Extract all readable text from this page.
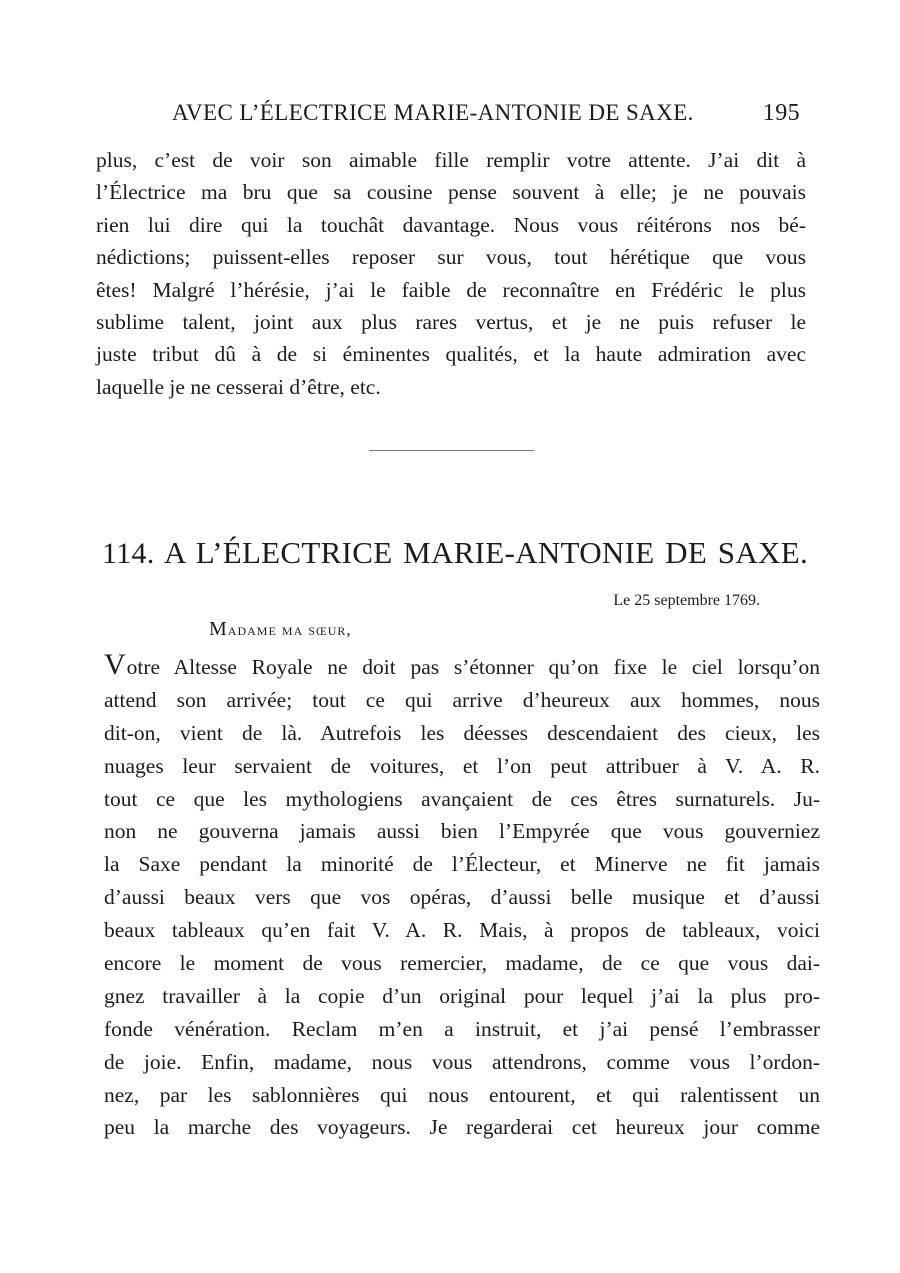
AVEC L’ÉLECTRICE MARIE-ANTONIE DE SAXE.	195
plus, c’est de voir son aimable fille remplir votre attente. J’ai dit à
l’Électrice ma bru que sa cousine pense souvent à elle; je ne pouvais
rien lui dire qui la touchât davantage. Nous vous réitérons nos bé-
nédictions; puissent-elles reposer sur vous, tout hérétique que vous
êtes! Malgré l’hérésie, j’ai le faible de reconnaître en Frédéric le plus
sublime talent, joint aux plus rares vertus, et je ne puis refuser le
juste tribut dû à de si éminentes qualités, et la haute admiration avec
laquelle je ne cesserai d’être, etc.
114. A L’ÉLECTRICE MARIE-ANTONIE DE SAXE.
Le 25 septembre 1769.
Madame ma sœur,
Votre Altesse Royale ne doit pas s’étonner qu’on fixe le ciel lorsqu’on
attend son arrivée; tout ce qui arrive d’heureux aux hommes, nous
dit-on, vient de là. Autrefois les déesses descendaient des cieux, les
nuages leur servaient de voitures, et l’on peut attribuer à V. A. R.
tout ce que les mythologiens avançaient de ces êtres surnaturels. Ju-
non ne gouverna jamais aussi bien l’Empyrée que vous gouverniez
la Saxe pendant la minorité de l’Électeur, et Minerve ne fit jamais
d’aussi beaux vers que vos opéras, d’aussi belle musique et d’aussi
beaux tableaux qu’en fait V. A. R. Mais, à propos de tableaux, voici
encore le moment de vous remercier, madame, de ce que vous dai-
gnez travailler à la copie d’un original pour lequel j’ai la plus pro-
fonde vénération. Reclam m’en a instruit, et j’ai pensé l’embrasser
de joie. Enfin, madame, nous vous attendrons, comme vous l’ordon-
nez, par les sablonnières qui nous entourent, et qui ralentissent un
peu la marche des voyageurs. Je regarderai cet heureux jour comme
